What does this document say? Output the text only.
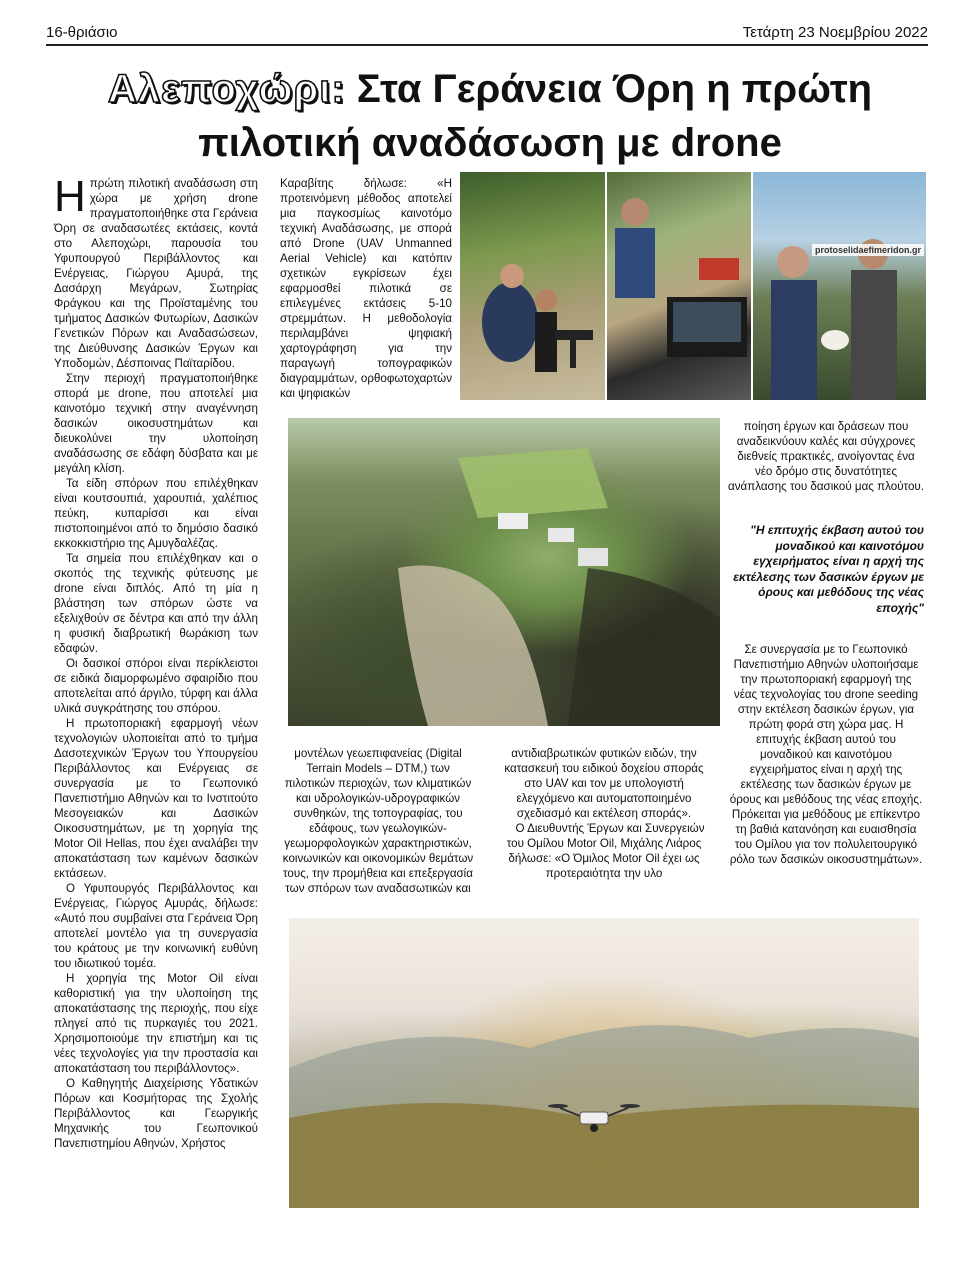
16-θριάσιο	Τετάρτη 23 Νοεμβρίου 2022
Αλεποχώρι: Στα Γεράνεια Όρη η πρώτη
πιλοτική αναδάσωση με drone

Ηπρώτη πιλοτική αναδάσωση στη χώρα με χρήση drone πραγματοποιήθηκε στα Γεράνεια Όρη σε αναδασωτέες εκτάσεις, κοντά στο Αλεποχώρι, παρουσία του Υφυπουργού Περιβάλλοντος και Ενέργειας, Γιώργου Αμυρά, της Δασάρχη Μεγάρων, Σωτηρίας Φράγκου και της Προϊσταμένης του τμήματος Δασικών Φυτωρίων, Δασικών Γενετικών Πόρων και Αναδασώσεων, της Διεύθυνσης Δασικών Έργων και Υποδομών, Δέσποινας Παϊταρίδου.

Στην περιοχή πραγματοποιήθηκε σπορά με drone, που αποτελεί μια καινοτόμο τεχνική στην αναγέννηση δασικών οικοσυστημάτων και διευκολύνει την υλοποίηση αναδάσωσης σε εδάφη δύσβατα και με μεγάλη κλίση.

Τα είδη σπόρων που επιλέχθηκαν είναι κουτσουπιά, χαρουπιά, χαλέπιος πεύκη, κυπαρίσσι και είναι πιστοποιημένοι από το δημόσιο δασικό εκκοκκιστήριο της Αμυγδαλέζας.

Τα σημεία που επιλέχθηκαν και ο σκοπός της τεχνικής φύτευσης με drone είναι διπλός. Από τη μία η βλάστηση των σπόρων ώστε να εξελιχθούν σε δέντρα και από την άλλη η φυσική διαβρωτική θωράκιση των εδαφών.

Οι δασικοί σπόροι είναι περίκλειστοι σε ειδικά διαμορφωμένο σφαιρίδιο που αποτελείται από άργιλο, τύρφη και άλλα υλικά συγκράτησης του σπόρου.

Η πρωτοποριακή εφαρμογή νέων τεχνολογιών υλοποιείται από το τμήμα Δασοτεχνικών Έργων του Υπουργείου Περιβάλλοντος και Ενέργειας σε συνεργασία με το Γεωπονικό Πανεπιστήμιο Αθηνών και το Ινστιτούτο Μεσογειακών και Δασικών Οικοσυστημάτων, με τη χορηγία της Motor Oil Hellas, που έχει αναλάβει την αποκατάσταση των καμένων δασικών εκτάσεων.

Ο Υφυπουργός Περιβάλλοντος και Ενέργειας, Γιώργος Αμυράς, δήλωσε: «Αυτό που συμβαίνει στα Γεράνεια Όρη αποτελεί μοντέλο για τη συνεργασία του κράτους με την κοινωνική ευθύνη του ιδιωτικού τομέα.

Η χορηγία της Motor Oil είναι καθοριστική για την υλοποίηση της αποκατάστασης της περιοχής, που είχε πληγεί από τις πυρκαγιές του 2021. Χρησιμοποιούμε την επιστήμη και τις νέες τεχνολογίες για την προστασία και αποκατάσταση του περιβάλλοντος».

Ο Καθηγητής Διαχείρισης Υδατικών Πόρων και Κοσμήτορας της Σχολής Περιβάλλοντος και Γεωργικής Μηχανικής του Γεωπονικού Πανεπιστημίου Αθηνών, Χρήστος

Καραβίτης δήλωσε: «Η προτεινόμενη μέθοδος αποτελεί μια παγκοσμίως καινοτόμο τεχνική Αναδάσωσης, με σπορά από Drone (UAV Unmanned Aerial Vehicle) και κατόπιν σχετικών εγκρίσεων έχει εφαρμοσθεί πιλοτικά σε επιλεγμένες εκτάσεις 5-10 στρεμμάτων. Η μεθοδολογία περιλαμβάνει ψηφιακή χαρτογράφηση για την παραγωγή τοπογραφικών διαγραμμάτων, ορθοφωτοχαρτών και ψηφιακών

protoselidaefimeridon.gr

ποίηση έργων και δράσεων που αναδεικνύουν καλές και σύγχρονες διεθνείς πρακτικές, ανοίγοντας ένα νέο δρόμο στις δυνατότητες ανάπλασης του δασικού μας πλούτου.

"Η επιτυχής έκβαση αυτού του μοναδικού και καινοτόμου εγχειρήματος είναι η αρχή της εκτέλεσης των δασικών έργων με όρους και μεθόδους της νέας εποχής"

Σε συνεργασία με το Γεωπονικό Πανεπιστήμιο Αθηνών υλοποιήσαμε την πρωτοποριακή εφαρμογή της νέας τεχνολογίας του drone seeding στην εκτέλεση δασικών έργων, για πρώτη φορά στη χώρα μας. Η επιτυχής έκβαση αυτού του μοναδικού και καινοτόμου εγχειρήματος είναι η αρχή της εκτέλεσης των δασικών έργων με όρους και μεθόδους της νέας εποχής. Πρόκειται για μεθόδους με επίκεντρο τη βαθιά κατανόηση και ευαισθησία του Ομίλου για τον πολυλειτουργικό ρόλο των δασικών οικοσυστημάτων».

μοντέλων γεωεπιφανείας (Digital Terrain Models – DTM,) των πιλοτικών περιοχών, των κλιματικών και υδρολογικών-υδρογραφικών συνθηκών, της τοπογραφίας, του εδάφους, των γεωλογικών-γεωμορφολογικών χαρακτηριστικών, κοινωνικών και οικονομικών θεμάτων τους, την προμήθεια και επεξεργασία των σπόρων των αναδασωτικών και

αντιδιαβρωτικών φυτικών ειδών, την κατασκευή του ειδικού δοχείου σποράς στο UAV και τον με υπολογιστή ελεγχόμενο και αυτοματοποιημένο σχεδιασμό και εκτέλεση σποράς».

Ο Διευθυντής Έργων και Συνεργειών του Ομίλου Motor Oil, Μιχάλης Λιάρος δήλωσε: «Ο Όμιλος Motor Oil έχει ως προτεραιότητα την υλο
